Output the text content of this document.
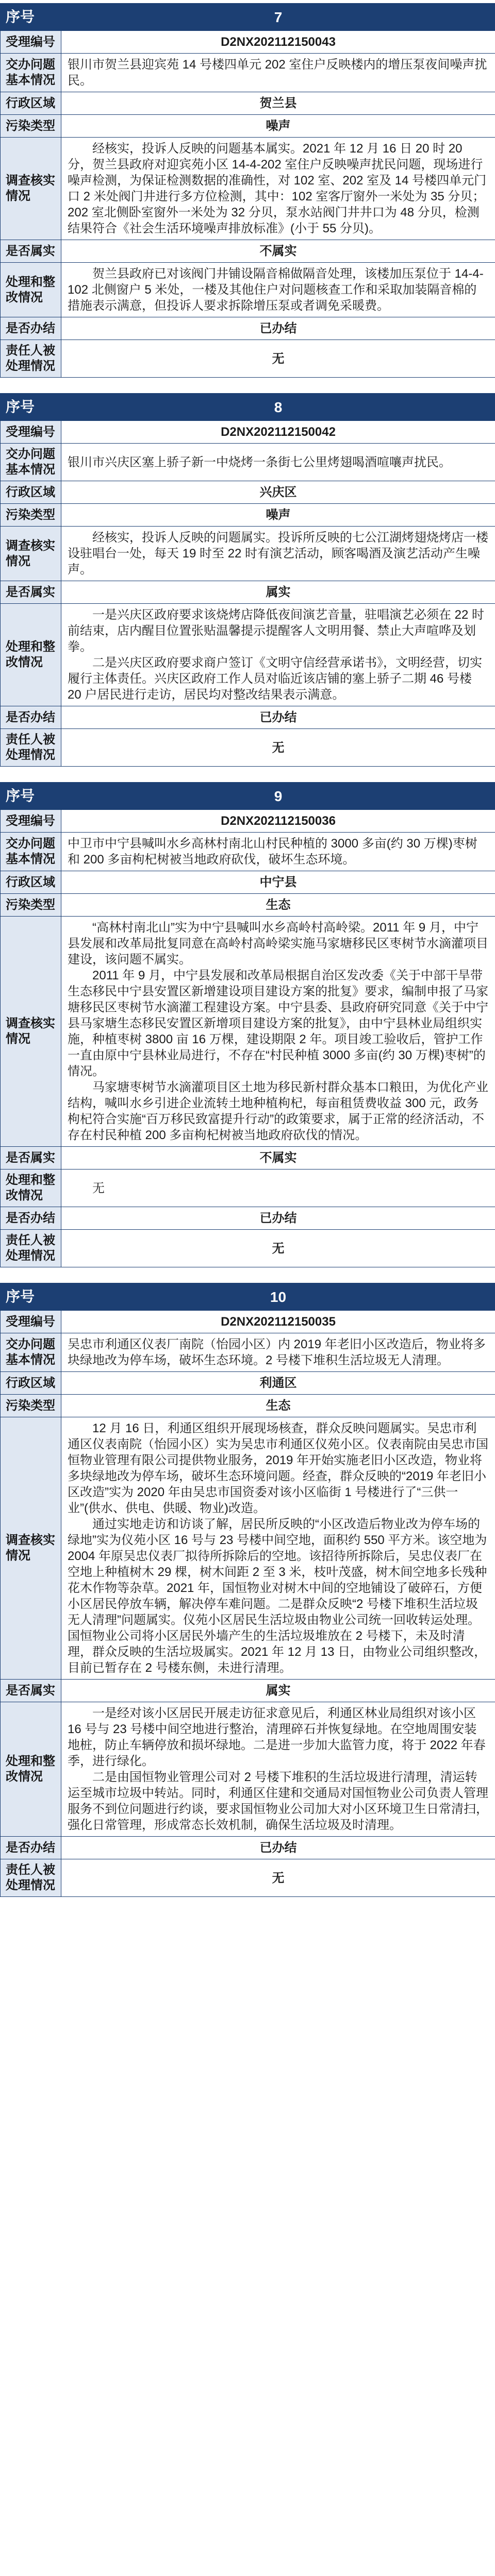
序号	7
受理编号	D2NX202112150043
交办问题基本情况	银川市贺兰县迎宾苑 14 号楼四单元 202 室住户反映楼内的增压泵夜间噪声扰民。
行政区域	贺兰县
污染类型	噪声
调查核实情况	经核实，投诉人反映的问题基本属实。2021 年 12 月 16 日 20 时 20 分，贺兰县政府对迎宾苑小区 14-4-202 室住户反映噪声扰民问题，现场进行噪声检测，为保证检测数据的准确性，对 102 室、202 室及 14 号楼四单元门口 2 米处阀门井进行多方位检测，其中：102 室客厅窗外一米处为 35 分贝；202 室北侧卧室窗外一米处为 32 分贝，泵水站阀门井井口为 48 分贝，检测结果符合《社会生活环境噪声排放标准》(小于 55 分贝)。

是否属实	不属实
处理和整改情况	贺兰县政府已对该阀门井铺设隔音棉做隔音处理，该楼加压泵位于 14-4-102 北侧窗户 5 米处，一楼及其他住户对问题核查工作和采取加装隔音棉的措施表示满意，但投诉人要求拆除增压泵或者调免采暖费。

是否办结	已办结
责任人被处理情况	无
序号	8
受理编号	D2NX202112150042
交办问题基本情况	银川市兴庆区塞上骄子新一中烧烤一条街七公里烤翅喝酒喧嚷声扰民。
行政区域	兴庆区
污染类型	噪声
调查核实情况	经核实，投诉人反映的问题属实。投诉所反映的七公江湖烤翅烧烤店一楼设驻唱台一处，每天 19 时至 22 时有演艺活动，顾客喝酒及演艺活动产生噪声。

是否属实	属实
处理和整改情况	一是兴庆区政府要求该烧烤店降低夜间演艺音量，驻唱演艺必须在 22 时前结束，店内醒目位置张贴温馨提示提醒客人文明用餐、禁止大声喧哗及划拳。

二是兴庆区政府要求商户签订《文明守信经营承诺书》，文明经营，切实履行主体责任。兴庆区政府工作人员对临近该店铺的塞上骄子二期 46 号楼 20 户居民进行走访，居民均对整改结果表示满意。

是否办结	已办结
责任人被处理情况	无
序号	9
受理编号	D2NX202112150036
交办问题基本情况	中卫市中宁县喊叫水乡高林村南北山村民种植的 3000 多亩(约 30 万棵)枣树和 200 多亩枸杞树被当地政府砍伐，破坏生态环境。
行政区域	中宁县
污染类型	生态
调查核实情况	“高林村南北山”实为中宁县喊叫水乡高岭村高岭梁。2011 年 9 月，中宁县发展和改革局批复同意在高岭村高岭梁实施马家塘移民区枣树节水滴灌项目建设，该问题不属实。

2011 年 9 月，中宁县发展和改革局根据自治区发改委《关于中部干旱带生态移民中宁县安置区新增建设项目建设方案的批复》要求，编制申报了马家塘移民区枣树节水滴灌工程建设方案。中宁县委、县政府研究同意《关于中宁县马家塘生态移民安置区新增项目建设方案的批复》，由中宁县林业局组织实施，种植枣树 3800 亩 16 万棵，建设期限 2 年。项目竣工验收后，管护工作一直由原中宁县林业局进行，不存在“村民种植 3000 多亩(约 30 万棵)枣树”的情况。

马家塘枣树节水滴灌项目区土地为移民新村群众基本口粮田，为优化产业结构，喊叫水乡引进企业流转土地种植枸杞，每亩租赁费收益 300 元，政务枸杞符合实施“百万移民致富提升行动”的政策要求，属于正常的经济活动，不存在村民种植 200 多亩枸杞树被当地政府砍伐的情况。

是否属实	不属实
处理和整改情况	无

是否办结	已办结
责任人被处理情况	无
序号	10
受理编号	D2NX202112150035
交办问题基本情况	吴忠市利通区仪表厂南院（怡园小区）内 2019 年老旧小区改造后，物业将多块绿地改为停车场，破坏生态环境。2 号楼下堆积生活垃圾无人清理。
行政区域	利通区
污染类型	生态
调查核实情况	12 月 16 日，利通区组织开展现场核查，群众反映问题属实。吴忠市利通区仪表南院（怡园小区）实为吴忠市利通区仪苑小区。仪表南院由吴忠市国恒物业管理有限公司提供物业服务，2019 年开始实施老旧小区改造，物业将多块绿地改为停车场，破坏生态环境问题。经查，群众反映的“2019 年老旧小区改造”实为 2020 年由吴忠市国资委对该小区临街 1 号楼进行了“三供一业”(供水、供电、供暖、物业)改造。

通过实地走访和访谈了解，居民所反映的“小区改造后物业改为停车场的绿地”实为仪苑小区 16 号与 23 号楼中间空地，面积约 550 平方米。该空地为 2004 年原吴忠仪表厂拟待所拆除后的空地。该招待所拆除后，吴忠仪表厂在空地上种植树木 29 棵，树木间距 2 至 3 米，枝叶茂盛，树木间空地多长残种花木作物等杂草。2021 年，国恒物业对树木中间的空地铺设了破碎石，方便小区居民停放车辆，解决停车难问题。二是群众反映“2 号楼下堆积生活垃圾无人清理”问题属实。仪苑小区居民生活垃圾由物业公司统一回收转运处理。国恒物业公司将小区居民外墙产生的生活垃圾堆放在 2 号楼下，未及时清理，群众反映的生活垃圾属实。2021 年 12 月 13 日，由物业公司组织整改，目前已暂存在 2 号楼东侧，未进行清理。

是否属实	属实
处理和整改情况	一是经对该小区居民开展走访征求意见后，利通区林业局组织对该小区 16 号与 23 号楼中间空地进行整治，清理碎石并恢复绿地。在空地周围安装地桩，防止车辆停放和损坏绿地。二是进一步加大监管力度，将于 2022 年春季，进行绿化。

二是由国恒物业管理公司对 2 号楼下堆积的生活垃圾进行清理，清运转运至城市垃圾中转站。同时，利通区住建和交通局对国恒物业公司负责人管理服务不到位问题进行约谈，要求国恒物业公司加大对小区环境卫生日常清扫，强化日常管理，形成常态长效机制，确保生活垃圾及时清理。

是否办结	已办结
责任人被处理情况	无
